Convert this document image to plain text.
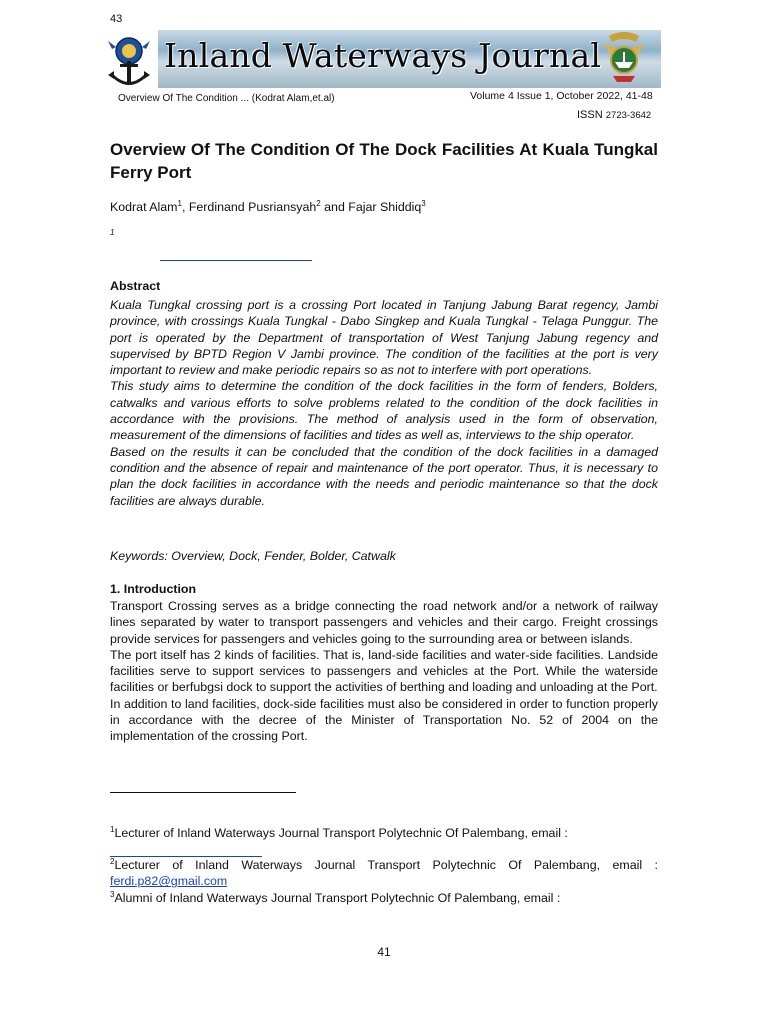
43
Inland Waterways Journal
Overview Of The Condition ... (Kodrat Alam,et.al)	Volume 4 Issue 1, October 2022, 41-48
ISSN 2723-3642
Overview Of The Condition Of The Dock Facilities At Kuala Tungkal Ferry Port
Kodrat Alam$^1$, Ferdinand Pusriansyah$^2$ and Fajar Shiddiq$^3$
1
Abstract

Kuala Tungkal crossing port is a crossing Port located in Tanjung Jabung Barat regency, Jambi province, with crossings Kuala Tungkal - Dabo Singkep and Kuala Tungkal - Telaga Punggur. The port is operated by the Department of transportation of West Tanjung Jabung regency and supervised by BPTD Region V Jambi province. The condition of the facilities at the port is very important to review and make periodic repairs so as not to interfere with port operations.

This study aims to determine the condition of the dock facilities in the form of fenders, Bolders, catwalks and various efforts to solve problems related to the condition of the dock facilities in accordance with the provisions. The method of analysis used in the form of observation, measurement of the dimensions of facilities and tides as well as, interviews to the ship operator.

Based on the results it can be concluded that the condition of the dock facilities in a damaged condition and the absence of repair and maintenance of the port operator. Thus, it is necessary to plan the dock facilities in accordance with the needs and periodic maintenance so that the dock facilities are always durable.

Keywords: Overview, Dock, Fender, Bolder, Catwalk
1. Introduction

Transport Crossing serves as a bridge connecting the road network and/or a network of railway lines separated by water to transport passengers and vehicles and their cargo. Freight crossings provide services for passengers and vehicles going to the surrounding area or between islands.

The port itself has 2 kinds of facilities. That is, land-side facilities and water-side facilities. Landside facilities serve to support services to passengers and vehicles at the Port. While the waterside facilities or berfubgsi dock to support the activities of berthing and loading and unloading at the Port.

In addition to land facilities, dock-side facilities must also be considered in order to function properly in accordance with the decree of the Minister of Transportation No. 52 of 2004 on the implementation of the crossing Port.

$^1$Lecturer of Inland Waterways Journal Transport Polytechnic Of Palembang, email :
$^2$Lecturer of Inland Waterways Journal Transport Polytechnic Of Palembang, email : ferdi.p82@gmail.com
$^3$Alumni of Inland Waterways Journal Transport Polytechnic Of Palembang, email :
41
